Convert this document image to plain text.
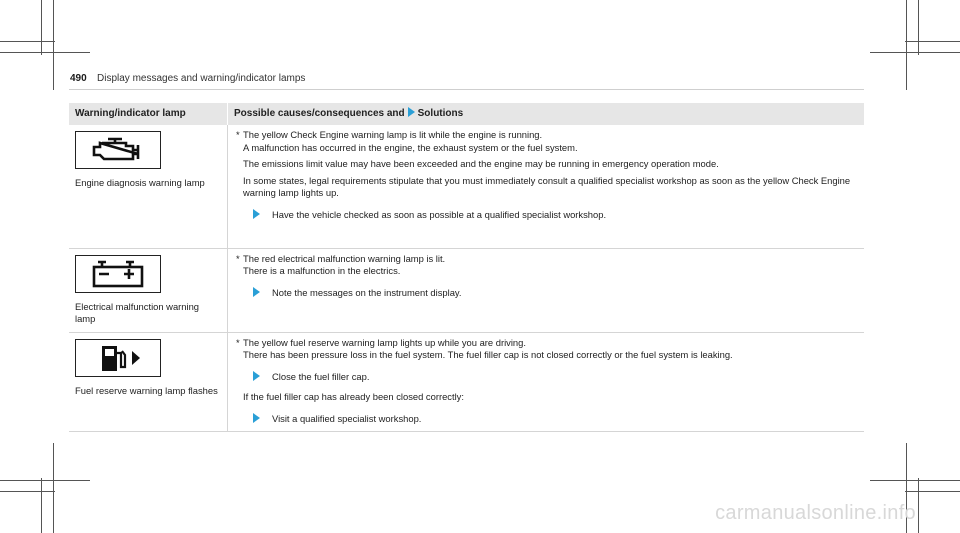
490 Display messages and warning/indicator lamps
Warning/indicator lamp	Possible causes/consequences and Solutions

Engine diagnosis warning lamp	* The yellow Check Engine warning lamp is lit while the engine is running.
A malfunction has occurred in the engine, the exhaust system or the fuel system.
The emissions limit value may have been exceeded and the engine may be running in emergency operation mode.
In some states, legal requirements stipulate that you must immediately consult a qualified specialist workshop as soon as the yellow Check Engine warning lamp lights up.
Have the vehicle checked as soon as possible at a qualified specialist workshop.

Electrical malfunction warning lamp	* The red electrical malfunction warning lamp is lit.
There is a malfunction in the electrics.
Note the messages on the instrument display.

Fuel reserve warning lamp flashes	* The yellow fuel reserve warning lamp lights up while you are driving.
There has been pressure loss in the fuel system. The fuel filler cap is not closed correctly or the fuel system is leaking.
Close the fuel filler cap.
If the fuel filler cap has already been closed correctly:
Visit a qualified specialist workshop.
carmanualsonline.info
